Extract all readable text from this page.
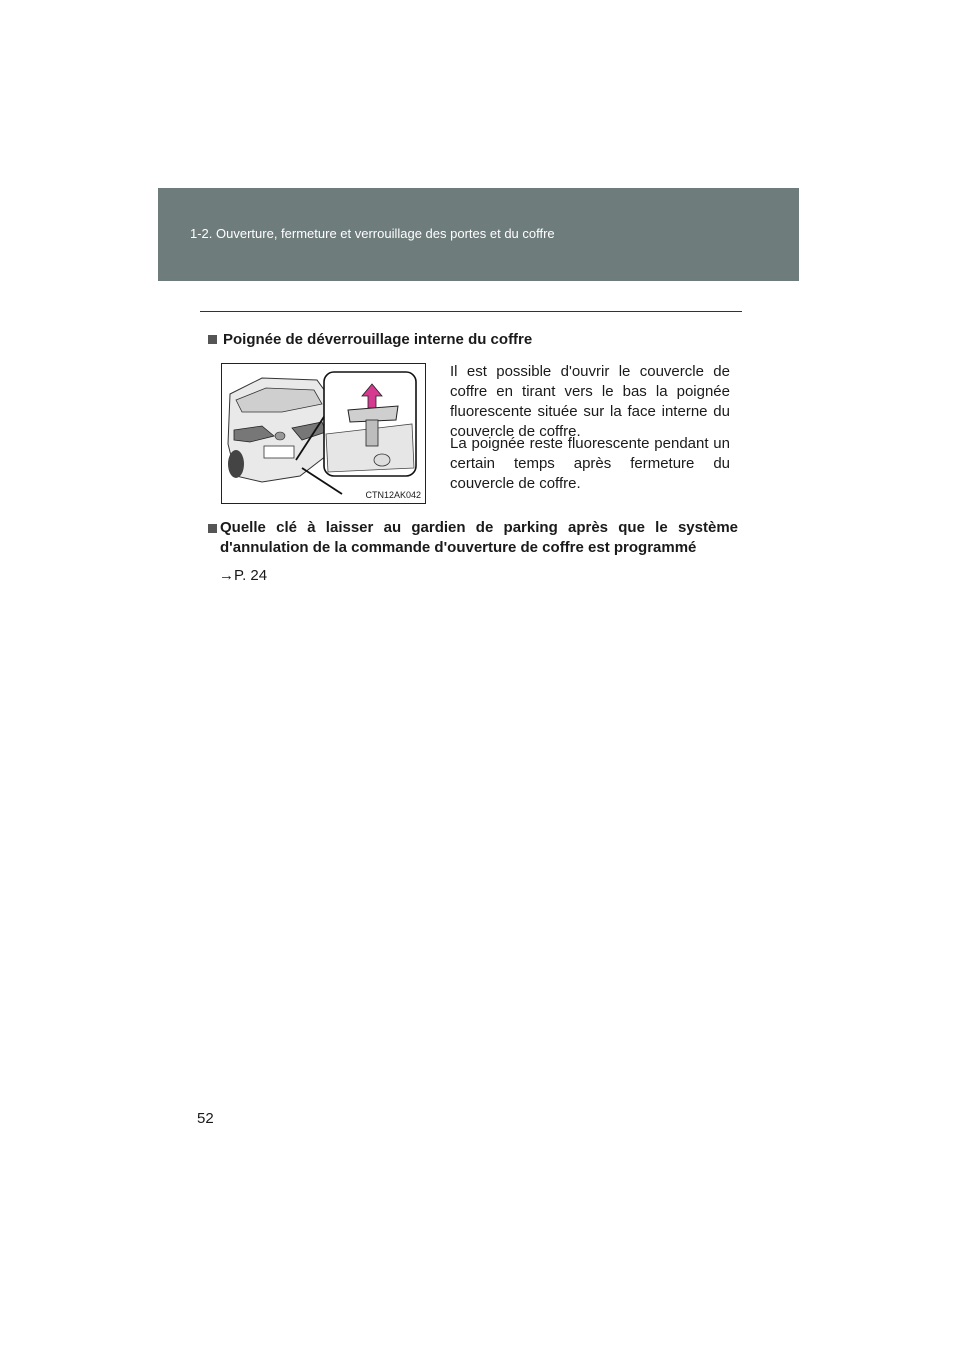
1-2. Ouverture, fermeture et verrouillage des portes et du coffre
Poignée de déverrouillage interne du coffre
CTN12AK042

Il est possible d'ouvrir le couvercle de coffre en tirant vers le bas la poignée fluorescente située sur la face interne du couvercle de coffre.

La poignée reste fluorescente pendant un certain temps après fermeture du couvercle de coffre.

Quelle clé à laisser au gardien de parking après que le système d'annulation de la commande d'ouverture de coffre est programmé
→P. 24
52
